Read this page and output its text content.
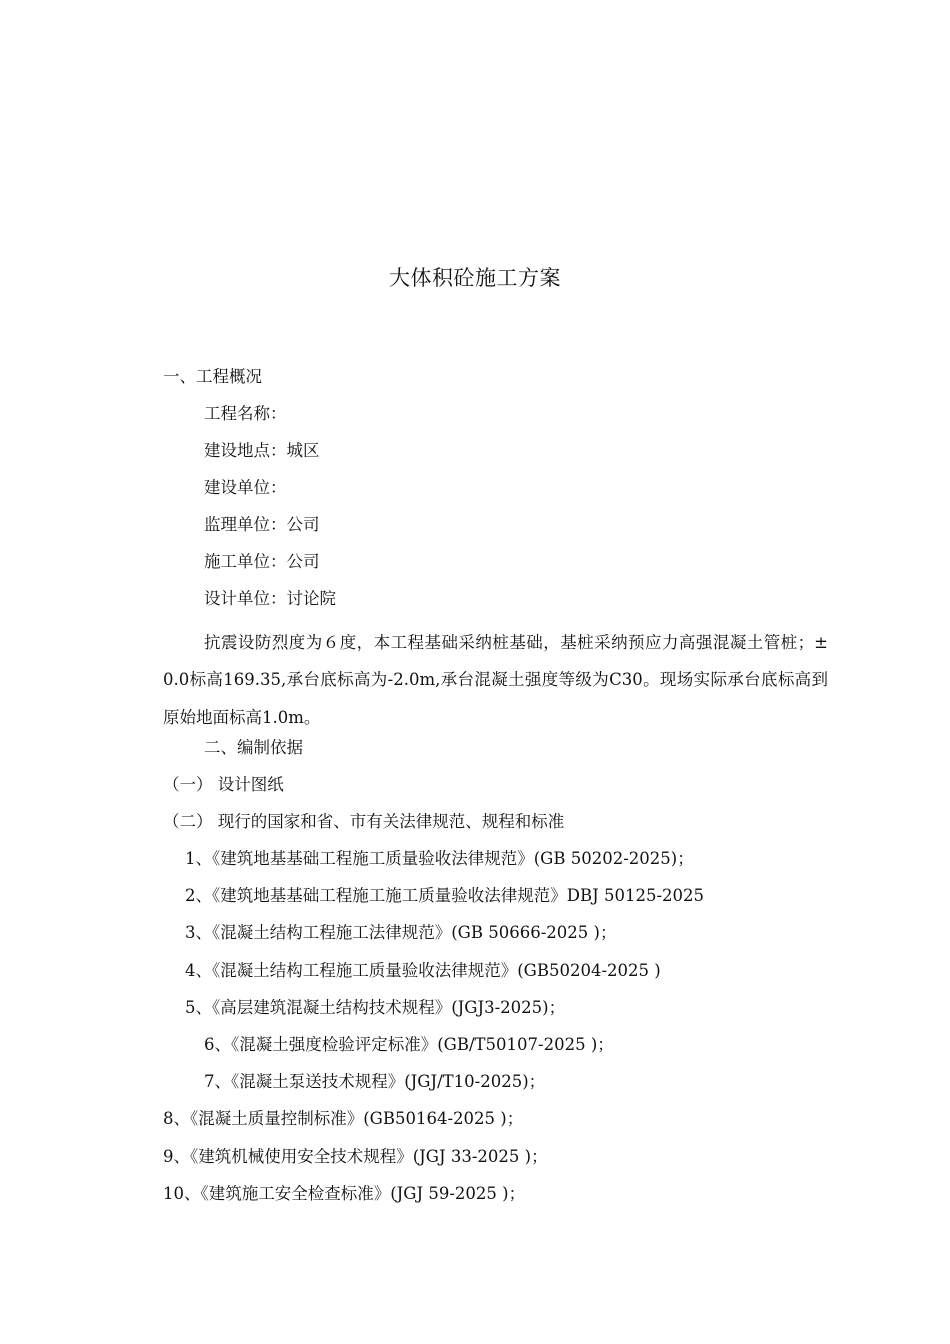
大体积砼施工方案
一、工程概况
工程名称：
建设地点：城区
建设单位：
监理单位：公司
施工单位：公司
设计单位：讨论院
抗震设防烈度为６度，本工程基础采纳桩基础，基桩采纳预应力高强混凝土管桩；± 0.0标高169.35,承台底标高为-2.0m,承台混凝土强度等级为C30。现场实际承台底标高到原始地面标高1.0m。
二、编制依据
（一） 设计图纸
（二） 现行的国家和省、市有关法律规范、规程和标准
1、《建筑地基基础工程施工质量验收法律规范》(GB 50202-2025)；
2、《建筑地基基础工程施工施工质量验收法律规范》DBJ 50125-2025
3、《混凝土结构工程施工法律规范》(GB 50666-2025 )；
4、《混凝土结构工程施工质量验收法律规范》(GB50204-2025 )
5、《高层建筑混凝土结构技术规程》(JGJ3-2025)；
6、《混凝土强度检验评定标准》(GB/T50107-2025 )；
7、《混凝土泵送技术规程》(JGJ/T10-2025)；
8、《混凝土质量控制标准》(GB50164-2025 )；
9、《建筑机械使用安全技术规程》(JGJ 33-2025 )；
10、《建筑施工安全检查标准》(JGJ 59-2025 )；
